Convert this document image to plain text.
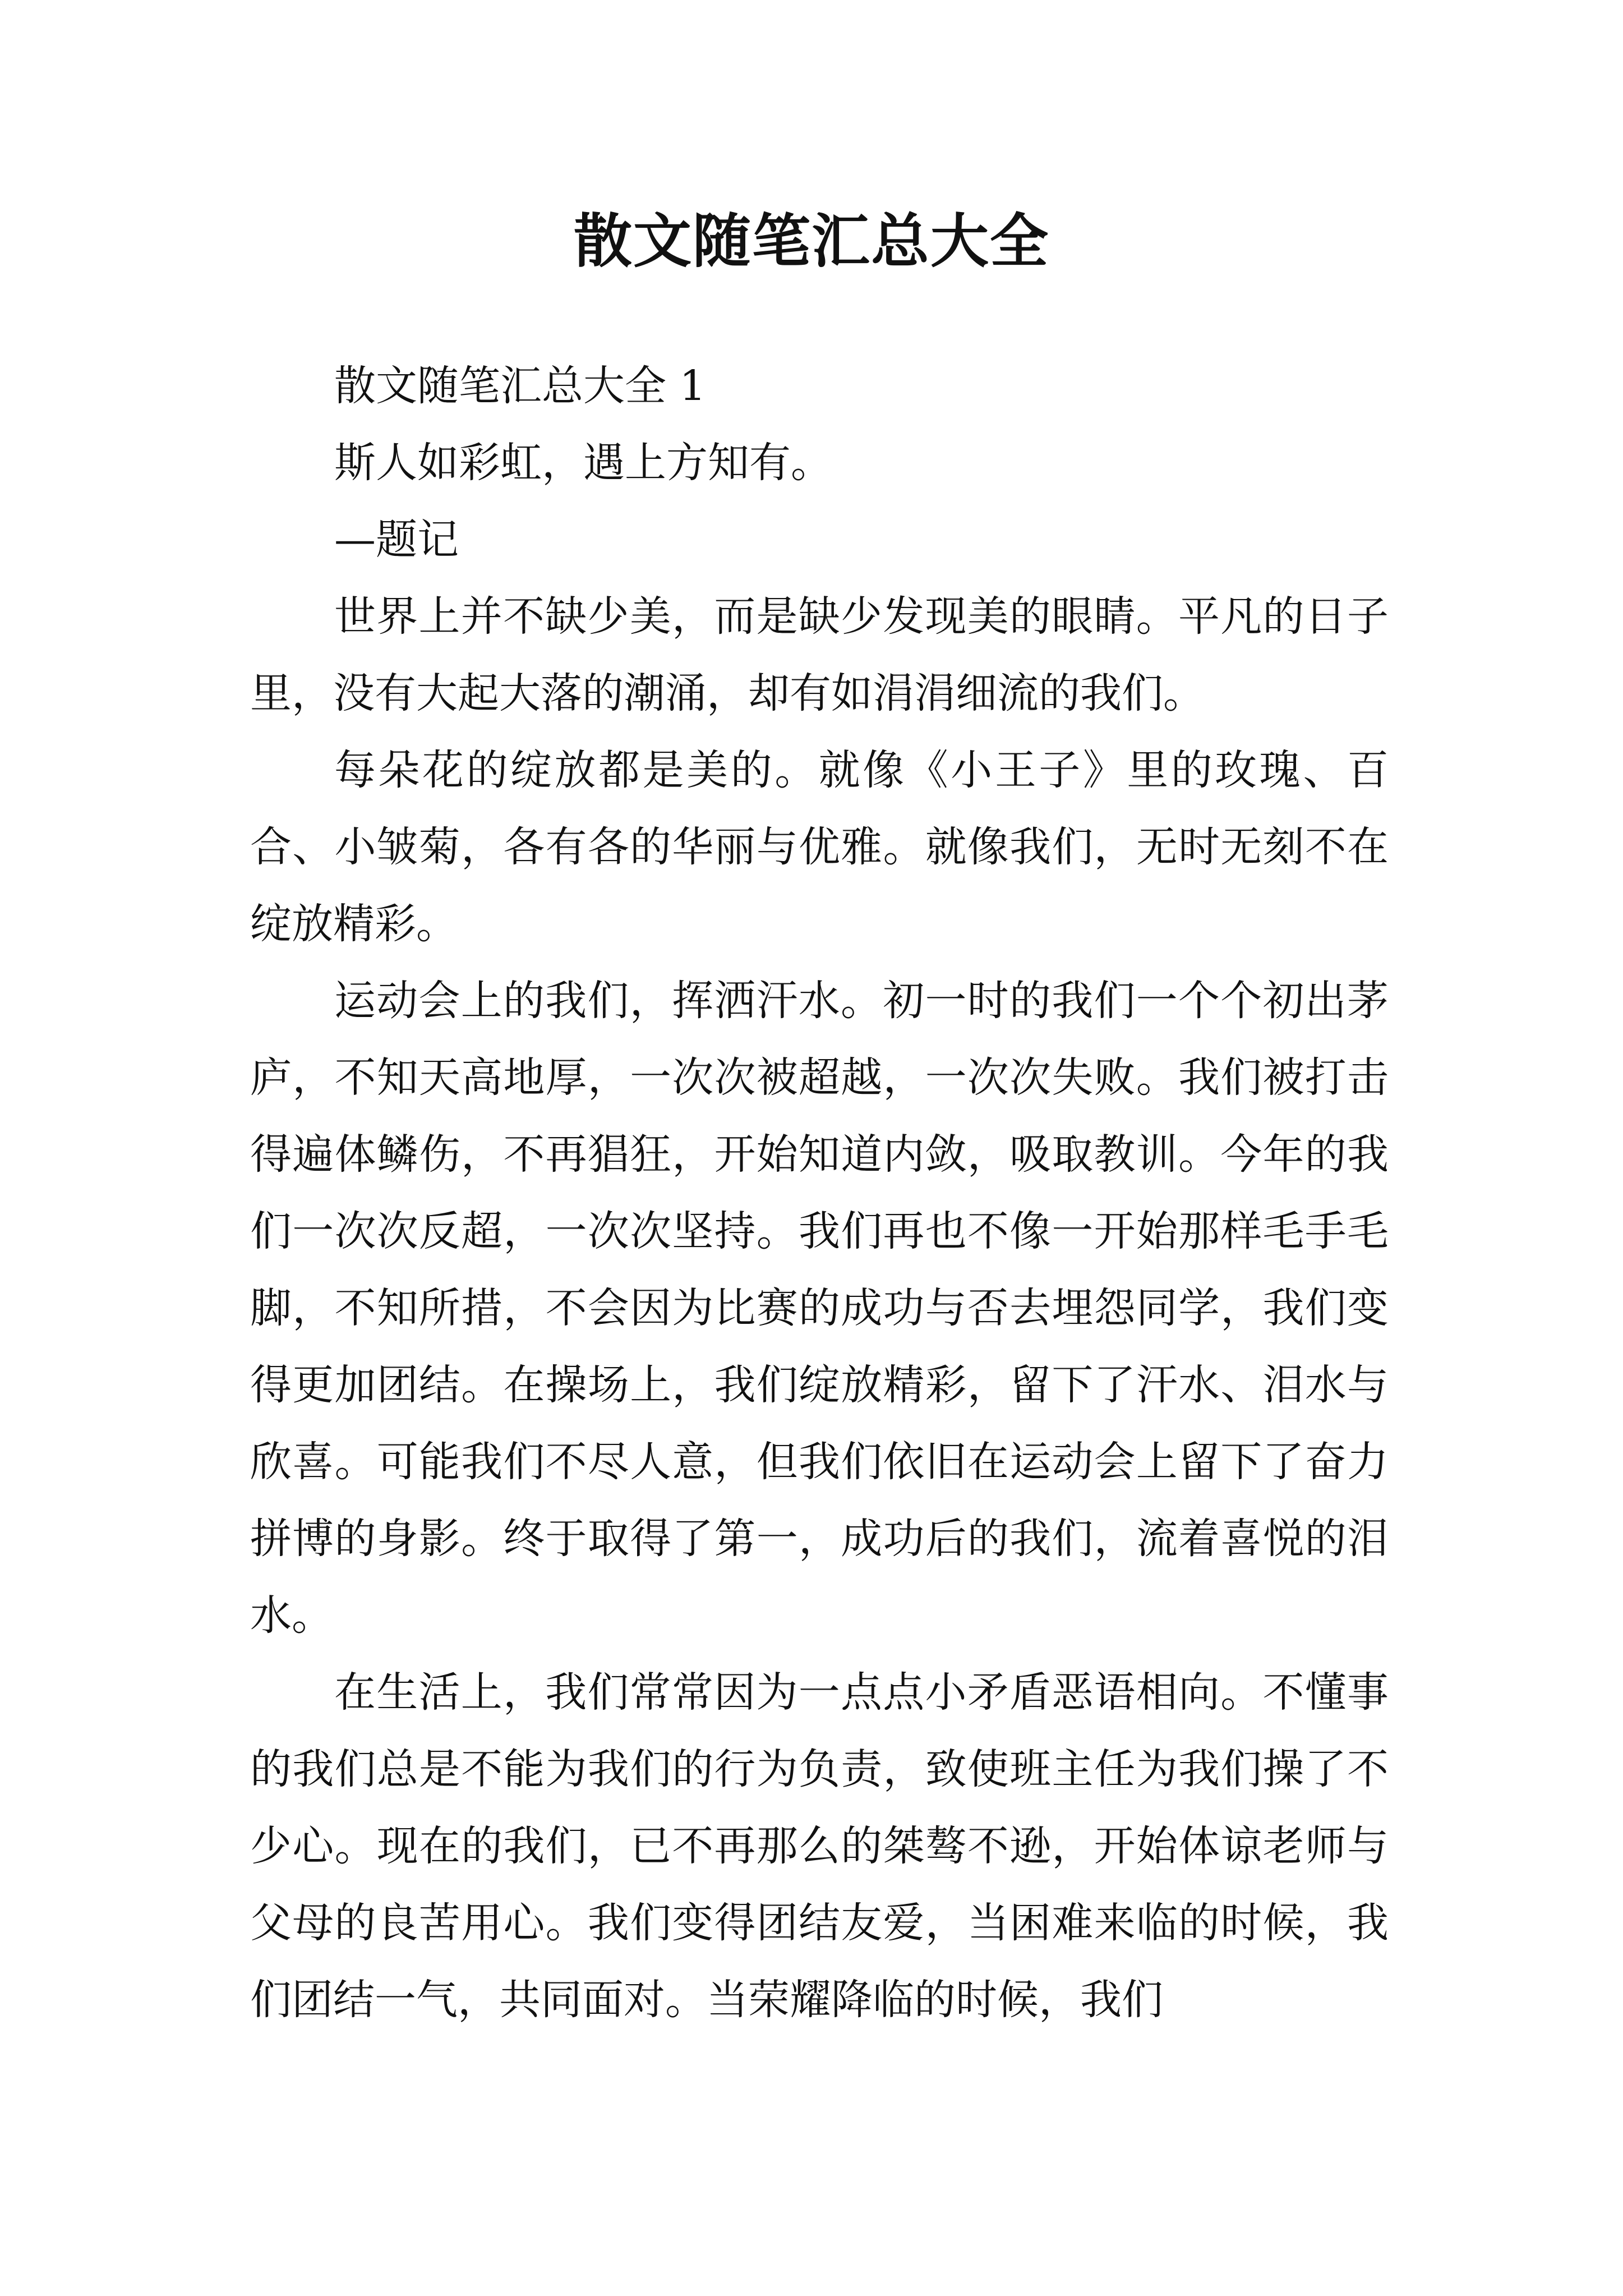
散文随笔汇总大全

散文随笔汇总大全 1

斯人如彩虹，遇上方知有。

—题记

世界上并不缺少美，而是缺少发现美的眼睛。平凡的日子里，没有大起大落的潮涌，却有如涓涓细流的我们。

每朵花的绽放都是美的。就像《小王子》里的玫瑰、百合、小皱菊，各有各的华丽与优雅。就像我们，无时无刻不在绽放精彩。

运动会上的我们，挥洒汗水。初一时的我们一个个初出茅庐，不知天高地厚，一次次被超越，一次次失败。我们被打击得遍体鳞伤，不再猖狂，开始知道内敛，吸取教训。今年的我们一次次反超，一次次坚持。我们再也不像一开始那样毛手毛脚，不知所措，不会因为比赛的成功与否去埋怨同学，我们变得更加团结。在操场上，我们绽放精彩，留下了汗水、泪水与欣喜。可能我们不尽人意，但我们依旧在运动会上留下了奋力拼博的身影。终于取得了第一，成功后的我们，流着喜悦的泪水。

在生活上，我们常常因为一点点小矛盾恶语相向。不懂事的我们总是不能为我们的行为负责，致使班主任为我们操了不少心。现在的我们，已不再那么的桀骜不逊，开始体谅老师与父母的良苦用心。我们变得团结友爱，当困难来临的时候，我们团结一气，共同面对。当荣耀降临的时候，我们
